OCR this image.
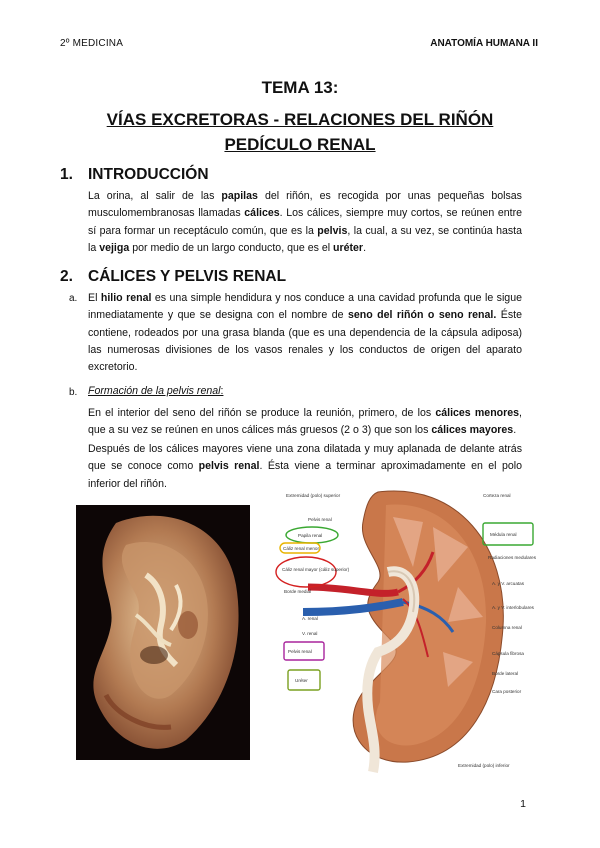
2º MEDICINA	ANATOMÍA HUMANA II
TEMA 13:
VÍAS EXCRETORAS - RELACIONES DEL RIÑÓN
PEDÍCULO RENAL
1. INTRODUCCIÓN

La orina, al salir de las papilas del riñón, es recogida por unas pequeñas bolsas musculomembranosas llamadas cálices. Los cálices, siempre muy cortos, se reúnen entre sí para formar un receptáculo común, que es la pelvis, la cual, a su vez, se continúa hasta la vejiga por medio de un largo conducto, que es el uréter.

2. CÁLICES Y PELVIS RENAL
a. El hilio renal es una simple hendidura y nos conduce a una cavidad profunda que le sigue inmediatamente y que se designa con el nombre de seno del riñón o seno renal. Éste contiene, rodeados por una grasa blanda (que es una dependencia de la cápsula adiposa) las numerosas divisiones de los vasos renales y los conductos de origen del aparato excretorio.

b. Formación de la pelvis renal:

En el interior del seno del riñón se produce la reunión, primero, de los cálices menores, que a su vez se reúnen en unos cálices más gruesos (2 o 3) que son los cálices mayores.

Después de los cálices mayores viene una zona dilatada y muy aplanada de delante atrás que se conoce como pelvis renal. Ésta viene a terminar aproximadamente en el polo inferior del riñón.

Extremidad (polo) superior
Pelvis renal
Papila renal
Cáliz renal menor
Cáliz renal mayor (cáliz superior)
Borde medial
A. renal
V. renal
Pelvis renal
Uréter
Corteza renal
Médula renal
Radiaciones medulares
A. y V. arcuatas
A. y V. interlobulares
Columna renal
Cápsula fibrosa
Borde lateral
Cara posterior
Extremidad (polo) inferior
1
